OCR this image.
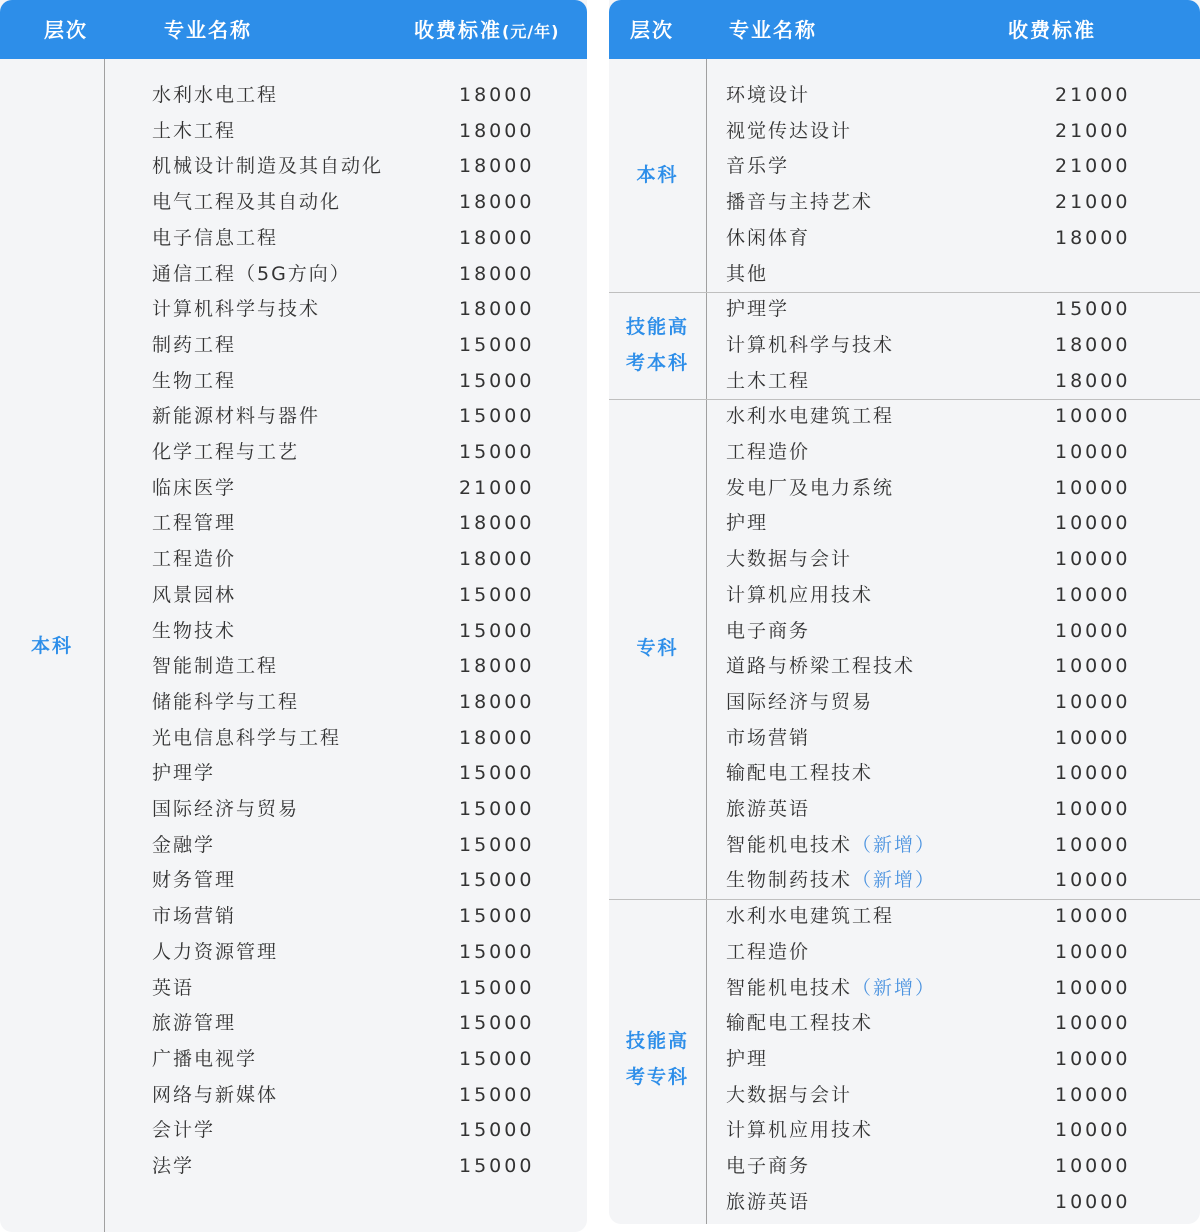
层次	专业名称	收费标准(元/年)
本科
水利水电工程	18000
土木工程	18000
机械设计制造及其自动化	18000
电气工程及其自动化	18000
电子信息工程	18000
通信工程（5G方向）	18000
计算机科学与技术	18000
制药工程	15000
生物工程	15000
新能源材料与器件	15000
化学工程与工艺	15000
临床医学	21000
工程管理	18000
工程造价	18000
风景园林	15000
生物技术	15000
智能制造工程	18000
储能科学与工程	18000
光电信息科学与工程	18000
护理学	15000
国际经济与贸易	15000
金融学	15000
财务管理	15000
市场营销	15000
人力资源管理	15000
英语	15000
旅游管理	15000
广播电视学	15000
网络与新媒体	15000
会计学	15000
法学	15000
层次	专业名称	收费标准
本科
环境设计	21000
视觉传达设计	21000
音乐学	21000
播音与主持艺术	21000
休闲体育	18000
其他
技能高考本科
护理学	15000
计算机科学与技术	18000
土木工程	18000
专科
水利水电建筑工程	10000
工程造价	10000
发电厂及电力系统	10000
护理	10000
大数据与会计	10000
计算机应用技术	10000
电子商务	10000
道路与桥梁工程技术	10000
国际经济与贸易	10000
市场营销	10000
输配电工程技术	10000
旅游英语	10000
智能机电技术（新增）	10000
生物制药技术（新增）	10000
技能高考专科
水利水电建筑工程	10000
工程造价	10000
智能机电技术（新增）	10000
输配电工程技术	10000
护理	10000
大数据与会计	10000
计算机应用技术	10000
电子商务	10000
旅游英语	10000
